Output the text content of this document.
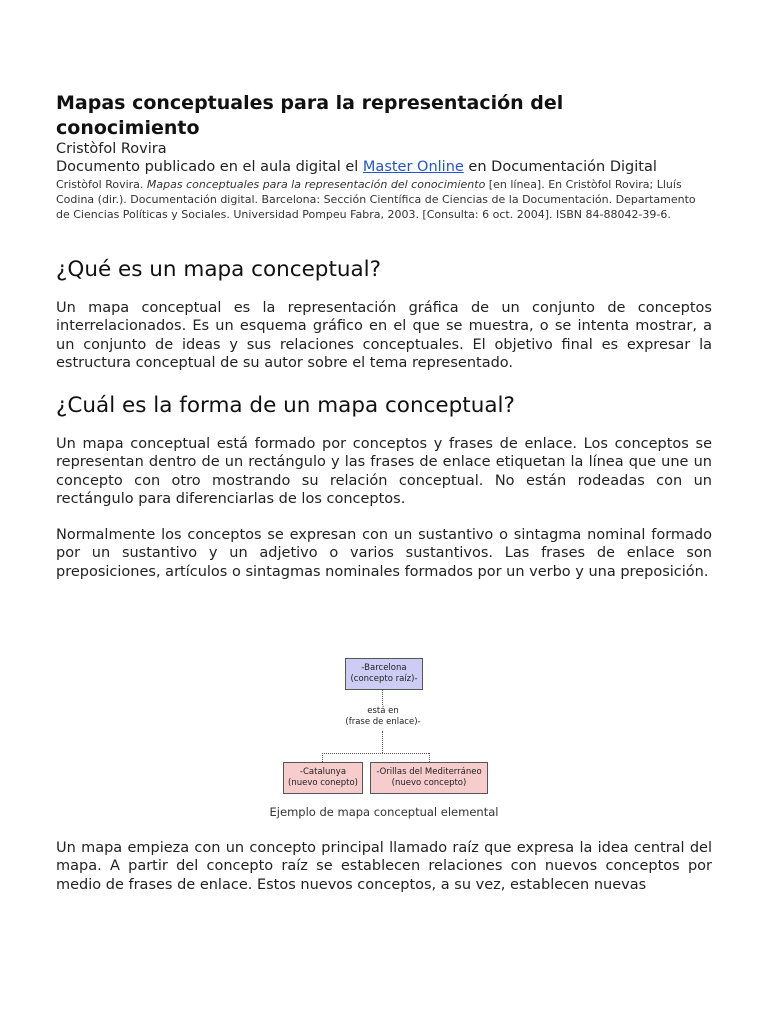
Mapas conceptuales para la representación del conocimiento
Cristòfol Rovira
Documento publicado en el aula digital el Master Online en Documentación Digital
Cristòfol Rovira. Mapas conceptuales para la representación del conocimiento [en línea]. En Cristòfol Rovira; Lluís Codina (dir.). Documentación digital. Barcelona: Sección Científica de Ciencias de la Documentación. Departamento de Ciencias Políticas y Sociales. Universidad Pompeu Fabra, 2003. [Consulta: 6 oct. 2004]. ISBN 84-88042-39-6.
¿Qué es un mapa conceptual?

Un mapa conceptual es la representación gráfica de un conjunto de conceptos interrelacionados. Es un esquema gráfico en el que se muestra, o se intenta mostrar, a un conjunto de ideas y sus relaciones conceptuales. El objetivo final es expresar la estructura conceptual de su autor sobre el tema representado.

¿Cuál es la forma de un mapa conceptual?

Un mapa conceptual está formado por conceptos y frases de enlace. Los conceptos se representan dentro de un rectángulo y las frases de enlace etiquetan la línea que une un concepto con otro mostrando su relación conceptual. No están rodeadas con un rectángulo para diferenciarlas de los conceptos.

Normalmente los conceptos se expresan con un sustantivo o sintagma nominal formado por un sustantivo y un adjetivo o varios sustantivos. Las frases de enlace son preposiciones, artículos o sintagmas nominales formados por un verbo y una preposición.

-Barcelona
(concepto raíz)-
está en
(frase de enlace)-
-Catalunya
(nuevo conepto)
-Orillas del Mediterráneo
(nuevo concepto)
Ejemplo de mapa conceptual elemental

Un mapa empieza con un concepto principal llamado raíz que expresa la idea central del mapa. A partir del concepto raíz se establecen relaciones con nuevos conceptos por medio de frases de enlace. Estos nuevos conceptos, a su vez, establecen nuevas
